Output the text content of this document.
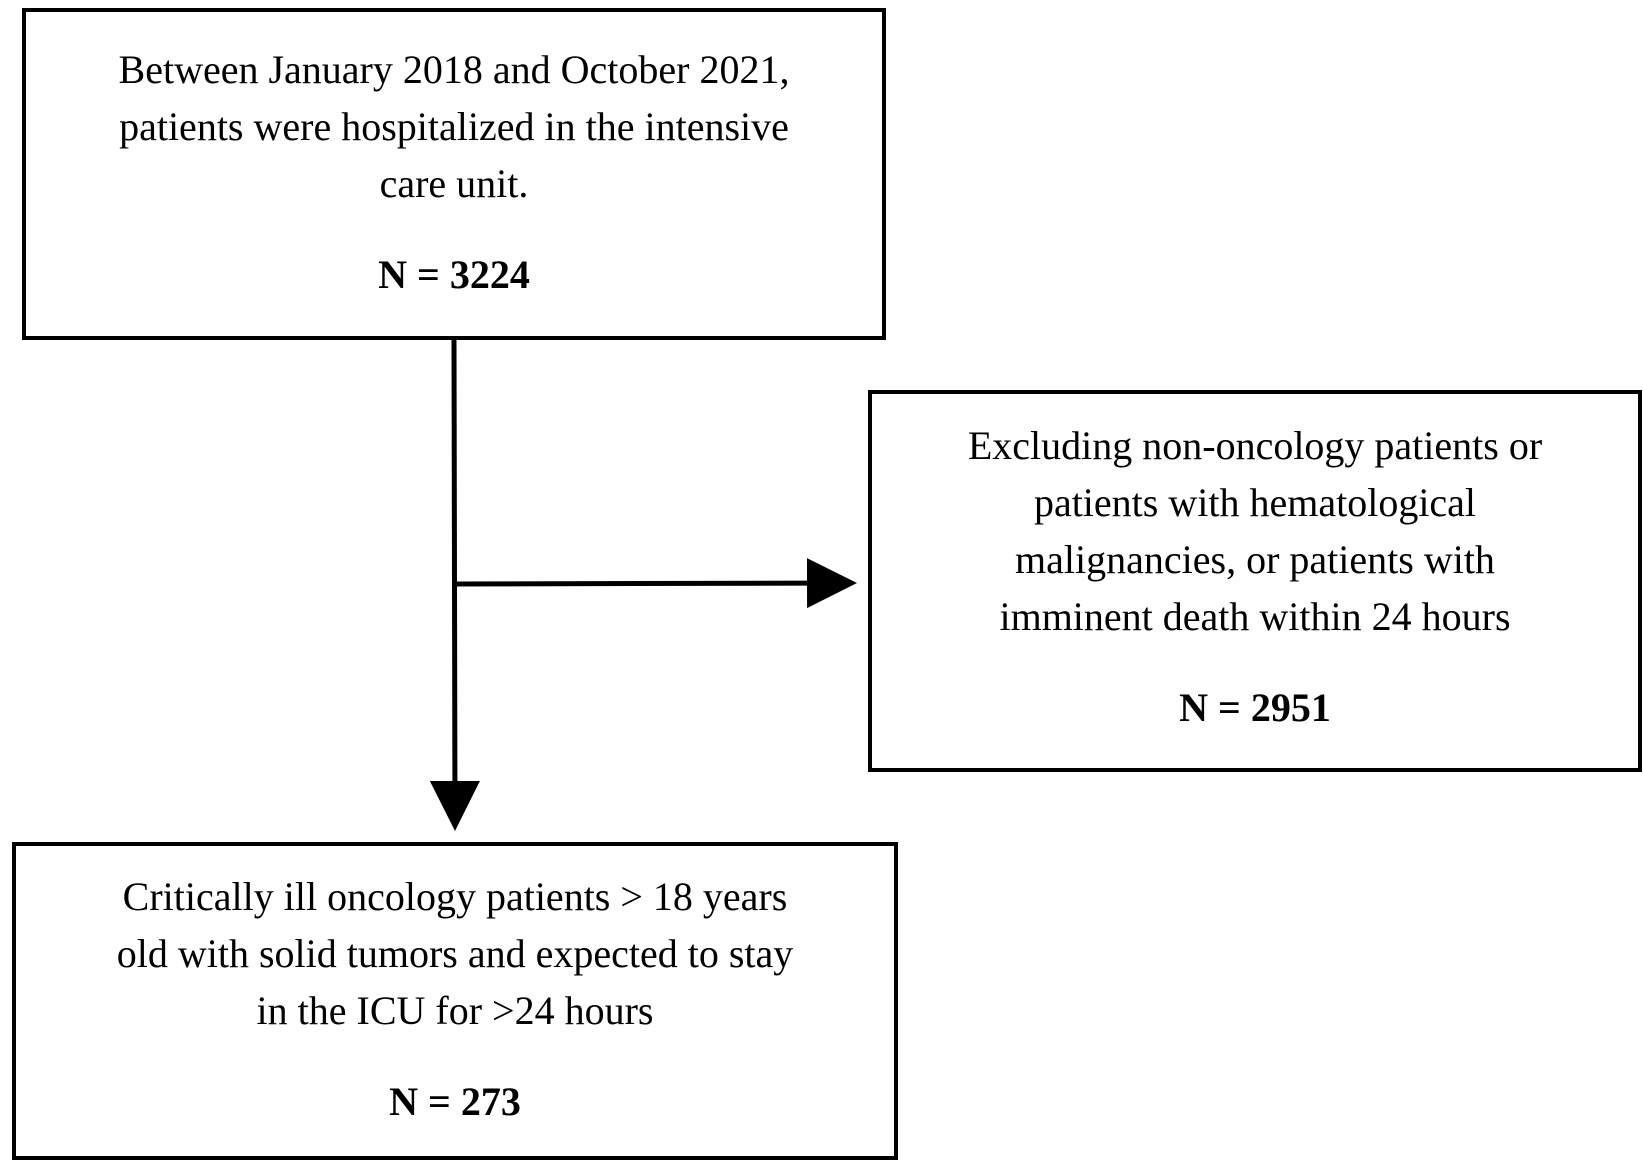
Between January 2018 and October 2021,
patients were hospitalized in the intensive
care unit.
N = 3224
Excluding non-oncology patients or
patients with hematological
malignancies, or patients with
imminent death within 24 hours
N = 2951
Critically ill oncology patients > 18 years
old with solid tumors and expected to stay
in the ICU for >24 hours
N = 273
